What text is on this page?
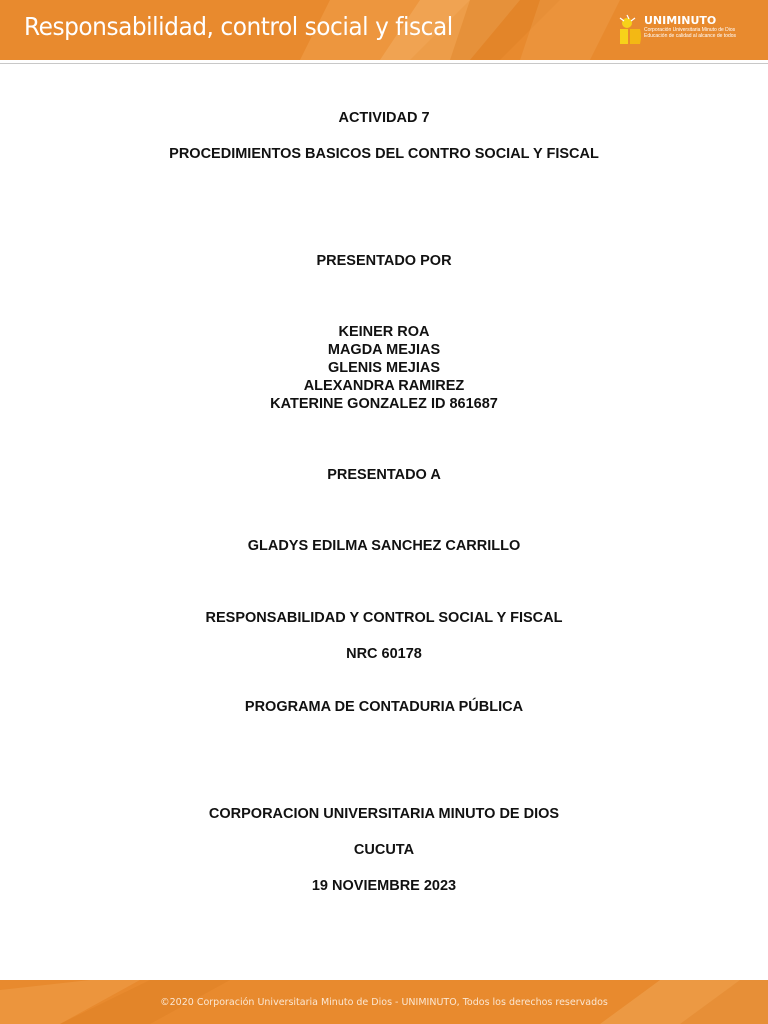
Responsabilidad, control social y fiscal	UNIMINUTO
Corporación Universitaria Minuto de Dios
Educación de calidad al alcance de todos
ACTIVIDAD 7
PROCEDIMIENTOS BASICOS DEL CONTRO SOCIAL Y FISCAL
PRESENTADO POR
KEINER ROA
MAGDA MEJIAS
GLENIS MEJIAS
ALEXANDRA RAMIREZ
KATERINE GONZALEZ ID 861687
PRESENTADO A
GLADYS EDILMA SANCHEZ CARRILLO
RESPONSABILIDAD Y CONTROL SOCIAL Y FISCAL
NRC 60178
PROGRAMA DE CONTADURIA PÚBLICA
CORPORACION UNIVERSITARIA MINUTO DE DIOS
CUCUTA
19 NOVIEMBRE 2023
©2020 Corporación Universitaria Minuto de Dios - UNIMINUTO, Todos los derechos reservados
